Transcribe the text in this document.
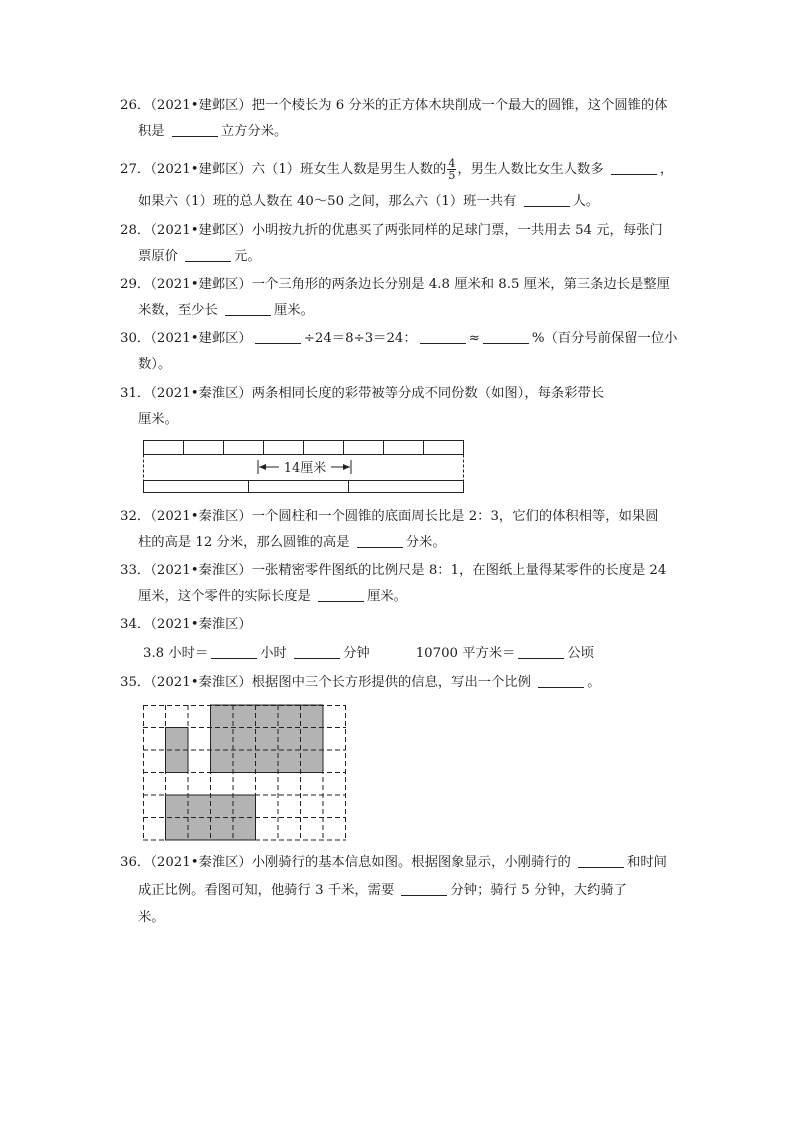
26．（2021•建邺区）把一个棱长为 6 分米的正方体木块削成一个最大的圆锥，这个圆锥的体
积是	立方分米。
27．（2021•建邺区）六（1）班女生人数是男生人数的 $\frac{4}{5}$ ，男生人数比女生人数多	，
如果六（1）班的总人数在 40～50 之间，那么六（1）班一共有	人。
28．（2021•建邺区）小明按九折的优惠买了两张同样的足球门票，一共用去 54 元，每张门
票原价	元。
29．（2021•建邺区）一个三角形的两条边长分别是 4.8 厘米和 8.5 厘米，第三条边长是整厘
米数，至少长	厘米。
30．（2021•建邺区）	÷24＝8÷3＝24：	≈	%（百分号前保留一位小
数）。
31．（2021•秦淮区）两条相同长度的彩带被等分成不同份数（如图），每条彩带长
厘米。
14厘米
32．（2021•秦淮区）一个圆柱和一个圆锥的底面周长比是 2：3，它们的体积相等，如果圆
柱的高是 12 分米，那么圆锥的高是	分米。
33．（2021•秦淮区）一张精密零件图纸的比例尺是 8：1，在图纸上量得某零件的长度是 24
厘米，这个零件的实际长度是	厘米。
34．（2021•秦淮区）
3.8 小时＝	小时	分钟	10700 平方米＝	公顷
35．（2021•秦淮区）根据图中三个长方形提供的信息，写出一个比例	。
36．（2021•秦淮区）小刚骑行的基本信息如图。根据图象显示，小刚骑行的	和时间
成正比例。看图可知，他骑行 3 千米，需要	分钟；骑行 5 分钟，大约骑了
米。
